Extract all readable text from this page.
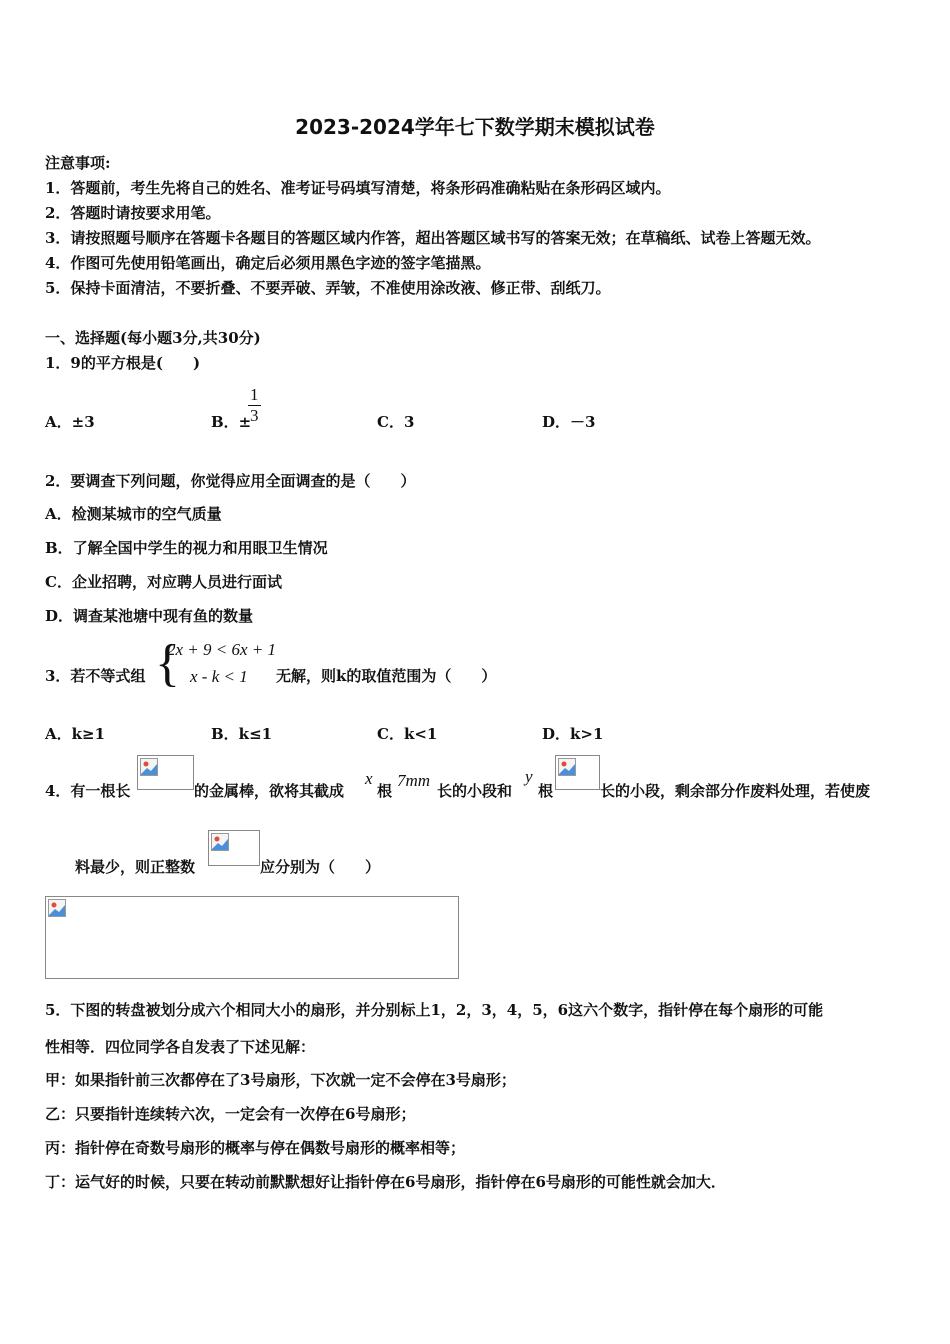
2023-2024学年七下数学期末模拟试卷
注意事项:
1．答题前，考生先将自己的姓名、准考证号码填写清楚，将条形码准确粘贴在条形码区域内。
2．答题时请按要求用笔。
3．请按照题号顺序在答题卡各题目的答题区域内作答，超出答题区域书写的答案无效；在草稿纸、试卷上答题无效。
4．作图可先使用铅笔画出，确定后必须用黑色字迹的签字笔描黑。
5．保持卡面清洁，不要折叠、不要弄破、弄皱，不准使用涂改液、修正带、刮纸刀。
一、选择题(每小题3分,共30分)
1．9的平方根是(　　)
A．±3	B．±
$\frac{1}{3}$	C．3	D．－3
2．要调查下列问题，你觉得应用全面调查的是（　　）
A．检测某城市的空气质量
B．了解全国中学生的视力和用眼卫生情况
C．企业招聘，对应聘人员进行面试
D．调查某池塘中现有鱼的数量
3．若不等式组 {
2x + 9 < 6x + 1
x - k < 1 无解，则k的取值范围为（　　）
A．k≥1	B．k≤1	C．k<1	D．k>1
4．有一根长	的金属棒，欲将其截成
x
根
7mm
长的小段和
y
根	长的小段，剩余部分作废料处理，若使废
料最少，则正整数	应分别为（　　）
5．下图的转盘被划分成六个相同大小的扇形，并分别标上1，2，3，4，5，6这六个数字，指针停在每个扇形的可能
性相等．四位同学各自发表了下述见解：
甲：如果指针前三次都停在了3号扇形，下次就一定不会停在3号扇形；
乙：只要指针连续转六次，一定会有一次停在6号扇形；
丙：指针停在奇数号扇形的概率与停在偶数号扇形的概率相等；
丁：运气好的时候，只要在转动前默默想好让指针停在6号扇形，指针停在6号扇形的可能性就会加大．
